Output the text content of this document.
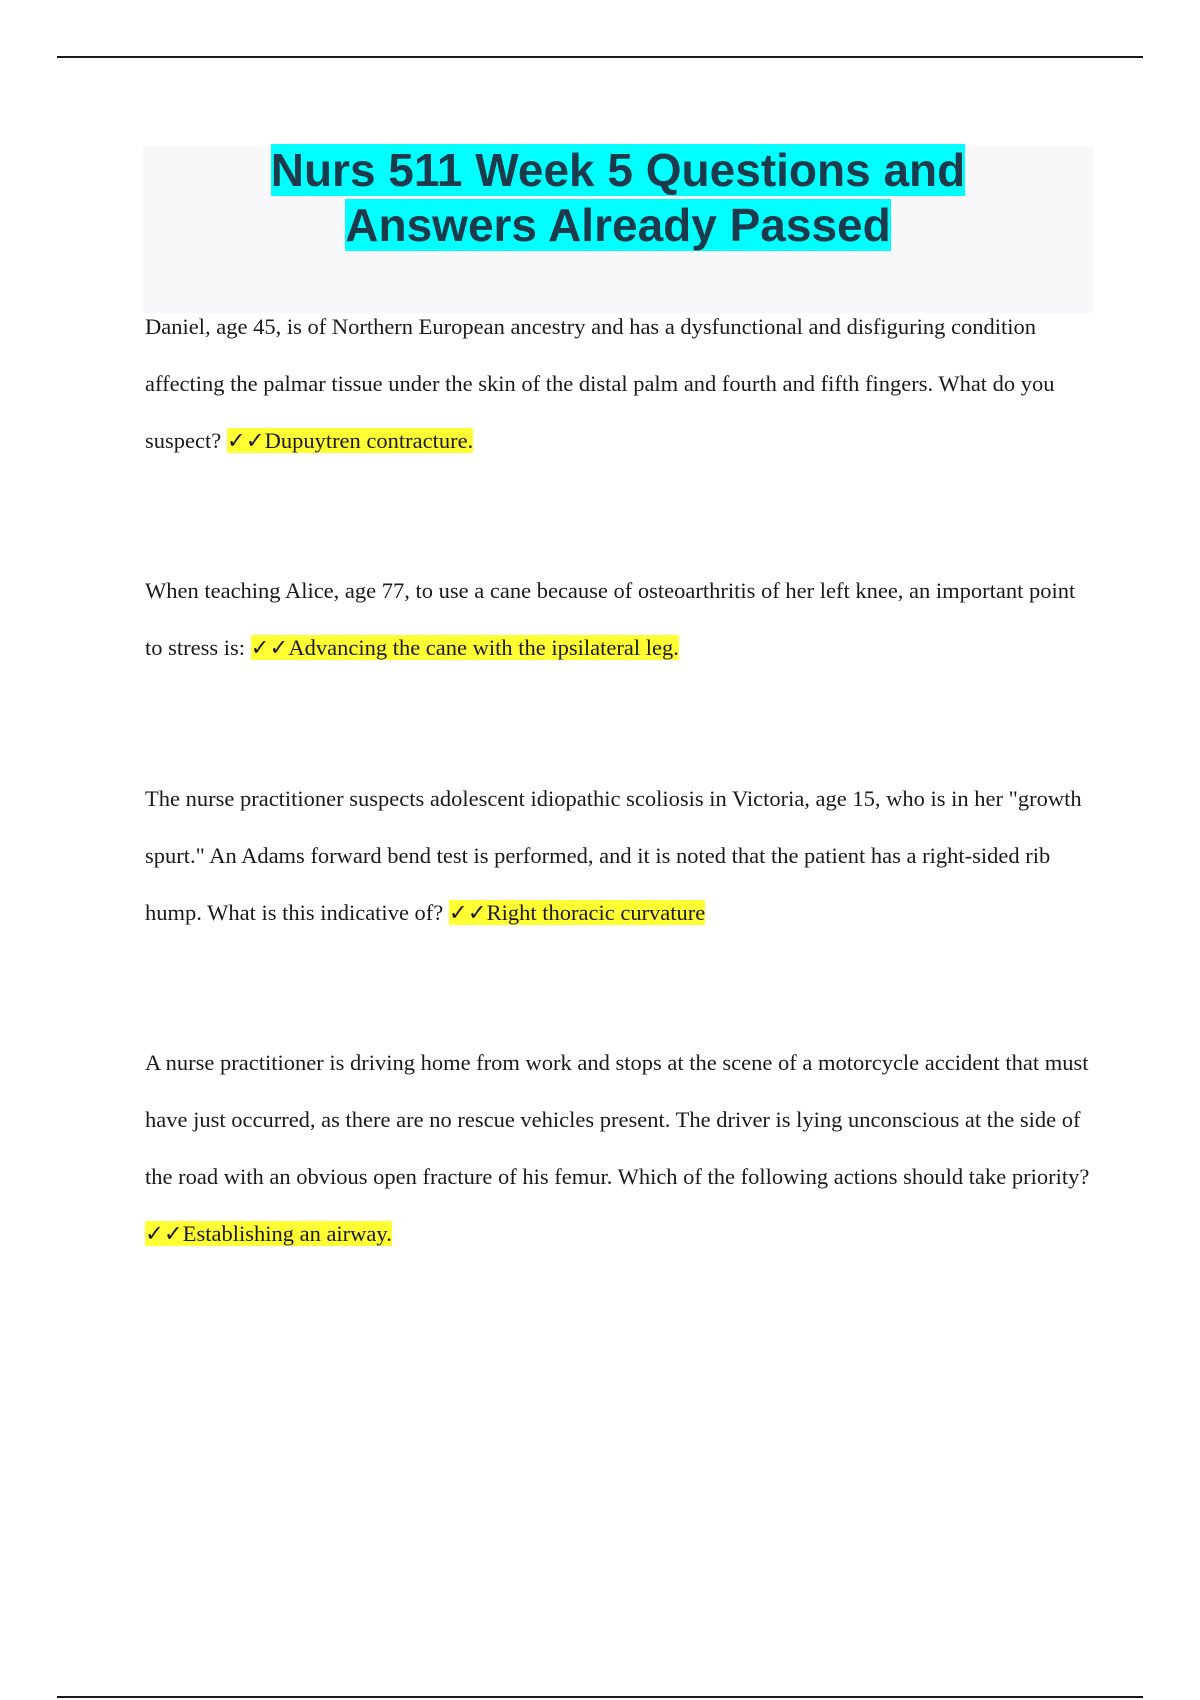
Nurs 511 Week 5 Questions and
Answers Already Passed

Daniel, age 45, is of Northern European ancestry and has a dysfunctional and disfiguring condition affecting the palmar tissue under the skin of the distal palm and fourth and fifth fingers. What do you suspect? ✓✓Dupuytren contracture.

When teaching Alice, age 77, to use a cane because of osteoarthritis of her left knee, an important point to stress is: ✓✓Advancing the cane with the ipsilateral leg.

The nurse practitioner suspects adolescent idiopathic scoliosis in Victoria, age 15, who is in her "growth spurt." An Adams forward bend test is performed, and it is noted that the patient has a right-sided rib hump. What is this indicative of? ✓✓Right thoracic curvature

A nurse practitioner is driving home from work and stops at the scene of a motorcycle accident that must have just occurred, as there are no rescue vehicles present. The driver is lying unconscious at the side of the road with an obvious open fracture of his femur. Which of the following actions should take priority? ✓✓Establishing an airway.
